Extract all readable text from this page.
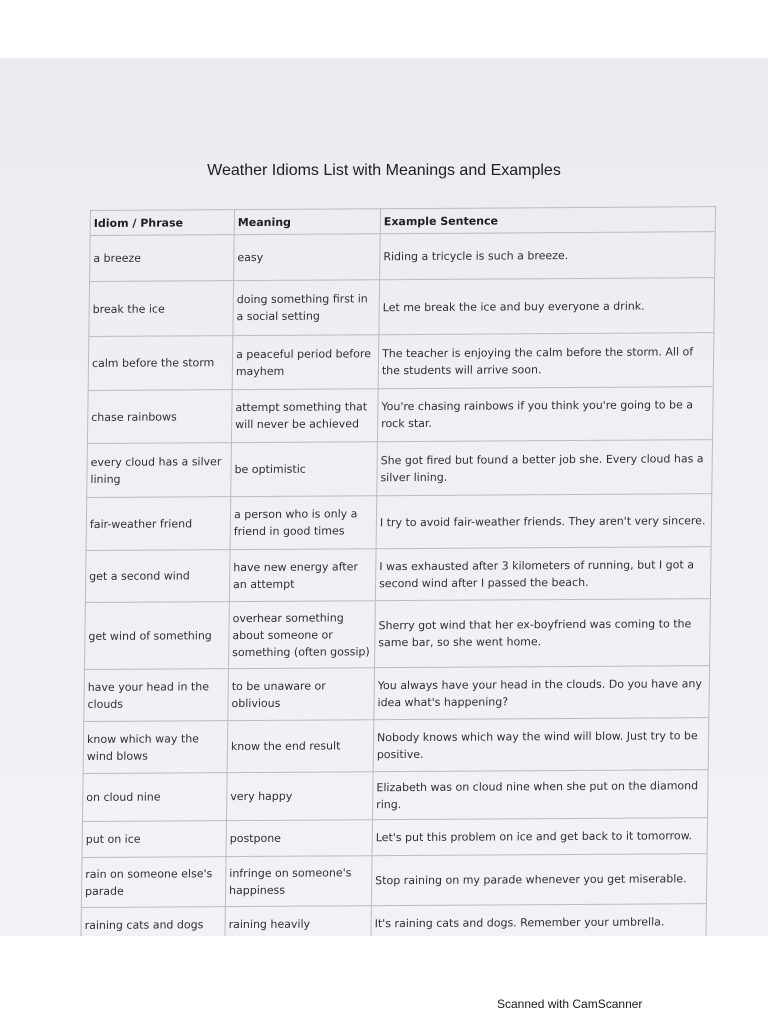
Weather Idioms List with Meanings and Examples
Idiom / Phrase	Meaning	Example Sentence
a breeze	easy	Riding a tricycle is such a breeze.
break the ice	doing something first in a social setting	Let me break the ice and buy everyone a drink.
calm before the storm	a peaceful period before mayhem	The teacher is enjoying the calm before the storm. All of the students will arrive soon.
chase rainbows	attempt something that will never be achieved	You're chasing rainbows if you think you're going to be a rock star.
every cloud has a silver lining	be optimistic	She got fired but found a better job she. Every cloud has a silver lining.
fair-weather friend	a person who is only a friend in good times	I try to avoid fair-weather friends. They aren't very sincere.
get a second wind	have new energy after an attempt	I was exhausted after 3 kilometers of running, but I got a second wind after I passed the beach.
get wind of something	overhear something about someone or something (often gossip)	Sherry got wind that her ex-boyfriend was coming to the same bar, so she went home.
have your head in the clouds	to be unaware or oblivious	You always have your head in the clouds. Do you have any idea what's happening?
know which way the wind blows	know the end result	Nobody knows which way the wind will blow. Just try to be positive.
on cloud nine	very happy	Elizabeth was on cloud nine when she put on the diamond ring.
put on ice	postpone	Let's put this problem on ice and get back to it tomorrow.
rain on someone else's parade	infringe on someone's happiness	Stop raining on my parade whenever you get miserable.
raining cats and dogs	raining heavily	It's raining cats and dogs. Remember your umbrella.
Scanned with CamScanner
